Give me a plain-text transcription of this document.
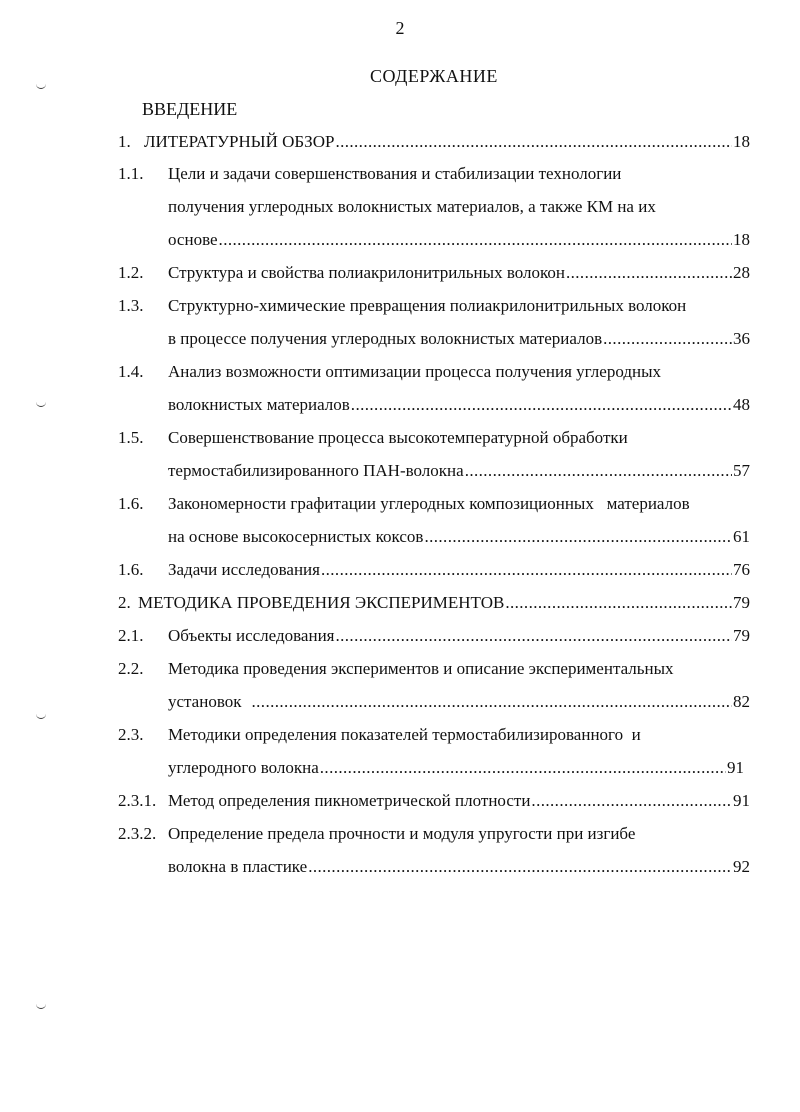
2
СОДЕРЖАНИЕ
ВВЕДЕНИЕ
1. ЛИТЕРАТУРНЫЙ ОБЗОР .....	18
1.1. Цели и задачи совершенствования и стабилизации технологии
получения углеродных волокнистых материалов, а также КМ на их
основе .....	18
1.2. Структура и свойства полиакрилонитрильных волокон .....	28
1.3. Структурно-химические превращения полиакрилонитрильных волокон
в процессе получения углеродных волокнистых материалов .....	36
1.4. Анализ возможности оптимизации процесса получения углеродных
волокнистых материалов .....	48
1.5. Совершенствование процесса высокотемпературной обработки
термостабилизированного ПАН-волокна .....	57
1.6. Закономерности графитации углеродных композиционных   материалов
на основе высокосернистых коксов .....	61
1.6. Задачи исследования .....	76
2. МЕТОДИКА ПРОВЕДЕНИЯ ЭКСПЕРИМЕНТОВ .....	79
2.1. Объекты исследования .....	79
2.2. Методика проведения экспериментов и описание экспериментальных
установок .....	82
2.3. Методики определения показателей термостабилизированного  и
углеродного волокна .....	91
2.3.1. Метод определения пикнометрической плотности .....	91
2.3.2. Определение предела прочности и модуля упругости при изгибе
волокна в пластике .....	92
